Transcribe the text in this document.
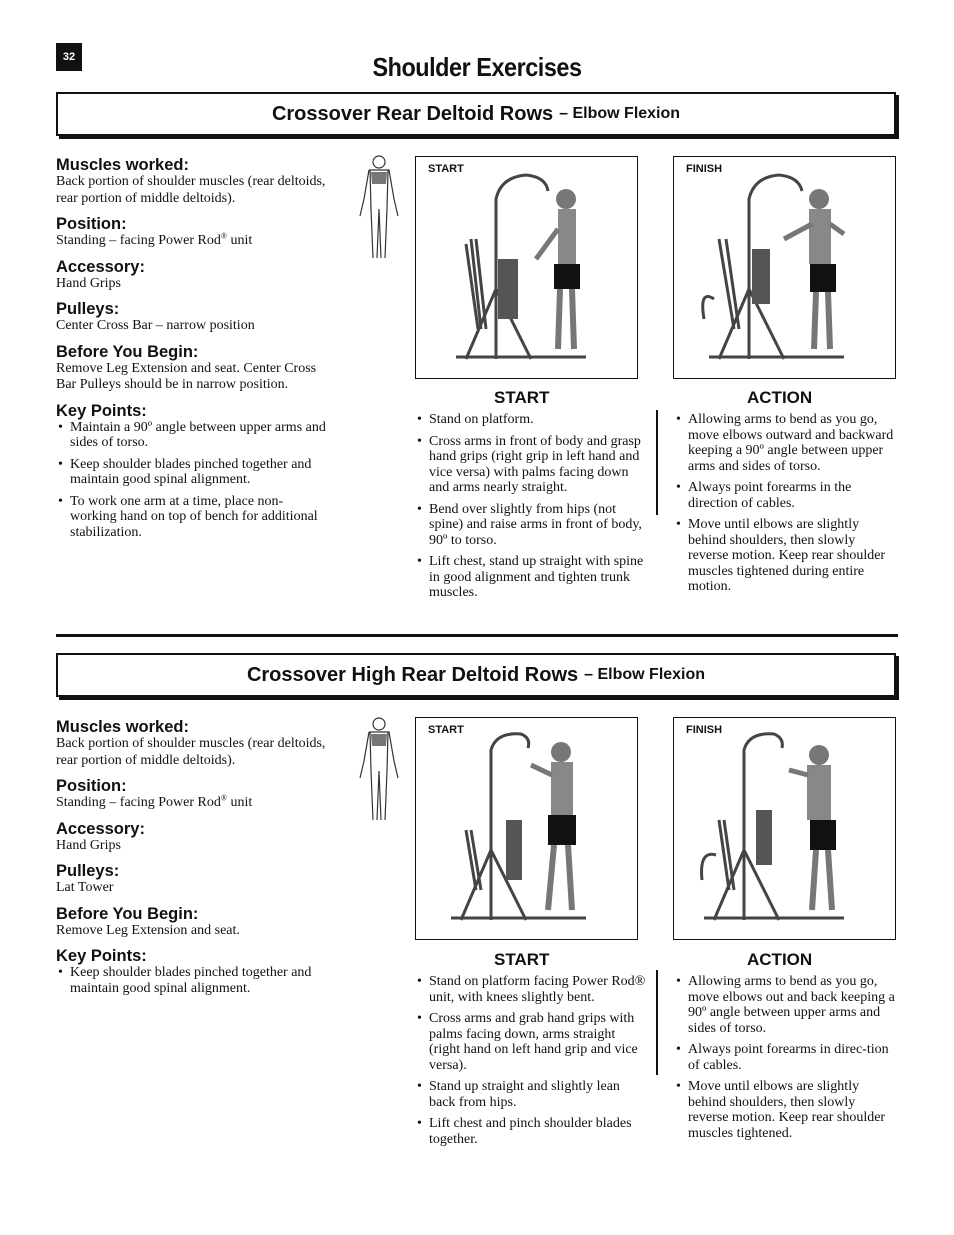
32	Shoulder Exercises
Crossover Rear Deltoid Rows – Elbow Flexion
Muscles worked:
Back portion of shoulder muscles (rear deltoids, rear portion of middle deltoids).
Position:
Standing – facing Power Rod® unit
Accessory:
Hand Grips
Pulleys:
Center Cross Bar – narrow position
Before You Begin:
Remove Leg Extension and seat. Center Cross Bar Pulleys should be in narrow position.
Key Points:
• Maintain a 90º angle between upper arms and sides of torso.
• Keep shoulder blades pinched together and maintain good spinal alignment.
• To work one arm at a time, place non-working hand on top of bench for additional stabilization.
START	FINISH
START
• Stand on platform.
• Cross arms in front of body and grasp hand grips (right grip in left hand and vice versa) with palms facing down and arms nearly straight.
• Bend over slightly from hips (not spine) and raise arms in front of body, 90º to torso.
• Lift chest, stand up straight with spine in good alignment and tighten trunk muscles.
ACTION
• Allowing arms to bend as you go, move elbows outward and backward keeping a 90º angle between upper arms and sides of torso.
• Always point forearms in the direction of cables.
• Move until elbows are slightly behind shoulders, then slowly reverse motion. Keep rear shoulder muscles tightened during entire motion.
Crossover High Rear Deltoid Rows – Elbow Flexion
Muscles worked:
Back portion of shoulder muscles (rear deltoids, rear portion of middle deltoids).
Position:
Standing – facing Power Rod® unit
Accessory:
Hand Grips
Pulleys:
Lat Tower
Before You Begin:
Remove Leg Extension and seat.
Key Points:
• Keep shoulder blades pinched together and maintain good spinal alignment.
START	FINISH
START
• Stand on platform facing Power Rod® unit, with knees slightly bent.
• Cross arms and grab hand grips with palms facing down, arms straight (right hand on left hand grip and vice versa).
• Stand up straight and slightly lean back from hips.
• Lift chest and pinch shoulder blades together.
ACTION
• Allowing arms to bend as you go, move elbows out and back keeping a 90º angle between upper arms and sides of torso.
• Always point forearms in direc-tion of cables.
• Move until elbows are slightly behind shoulders, then slowly reverse motion. Keep rear shoulder muscles tightened.
